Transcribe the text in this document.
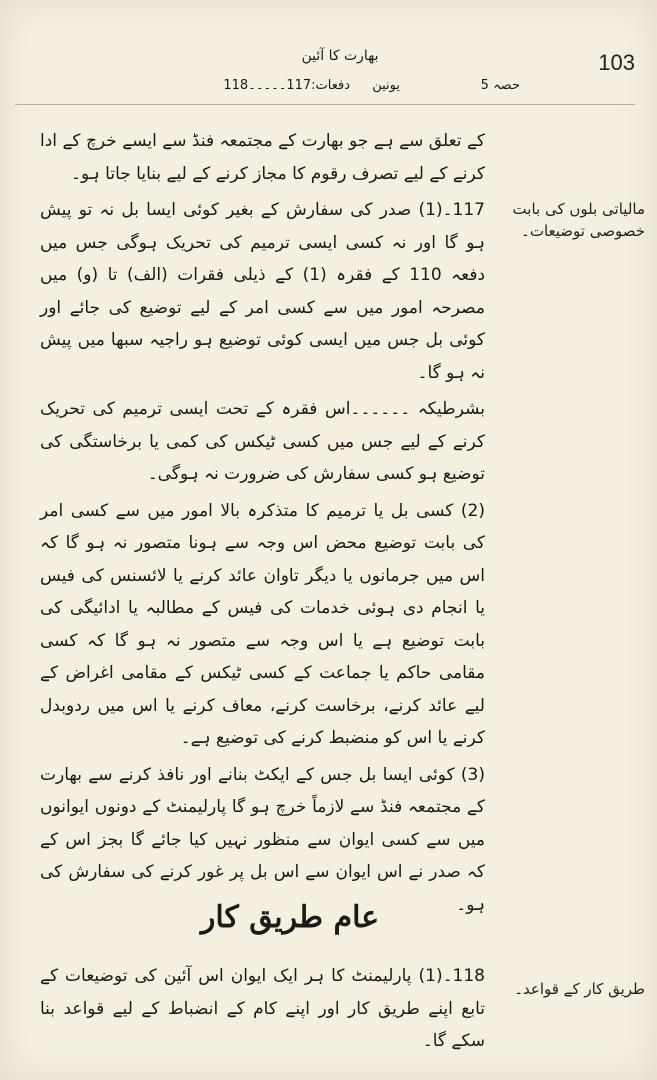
103
بھارت کا آئین
حصہ 5
یونین
دفعات:117۔۔۔۔۔118
مالیاتی بلوں کی بابت خصوصی توضیعات۔

کے تعلق سے ہے جو بھارت کے مجتمعہ فنڈ سے ایسے خرچ کے ادا کرنے کے لیے تصرف رقوم کا مجاز کرنے کے لیے بنایا جاتا ہو۔

117۔(1) صدر کی سفارش کے بغیر کوئی ایسا بل نہ تو پیش ہو گا اور نہ کسی ایسی ترمیم کی تحریک ہوگی جس میں دفعہ 110 کے فقرہ (1) کے ذیلی فقرات (الف) تا (و) میں مصرحہ امور میں سے کسی امر کے لیے توضیع کی جائے اور کوئی بل جس میں ایسی کوئی توضیع ہو راجیہ سبھا میں پیش نہ ہو گا۔

بشرطیکہ ۔۔۔۔۔۔اس فقرہ کے تحت ایسی ترمیم کی تحریک کرنے کے لیے جس میں کسی ٹیکس کی کمی یا برخاستگی کی توضیع ہو کسی سفارش کی ضرورت نہ ہوگی۔

(2) کسی بل یا ترمیم کا متذکرہ بالا امور میں سے کسی امر کی بابت توضیع محض اس وجہ سے ہونا متصور نہ ہو گا کہ اس میں جرمانوں یا دیگر تاوان عائد کرنے یا لائسنس کی فیس یا انجام دی ہوئی خدمات کی فیس کے مطالبہ یا ادائیگی کی بابت توضیع ہے یا اس وجہ سے متصور نہ ہو گا کہ کسی مقامی حاکم یا جماعت کے کسی ٹیکس کے مقامی اغراض کے لیے عائد کرنے، برخاست کرنے، معاف کرنے یا اس میں ردوبدل کرنے یا اس کو منضبط کرنے کی توضیع ہے۔

(3) کوئی ایسا بل جس کے ایکٹ بنانے اور نافذ کرنے سے بھارت کے مجتمعہ فنڈ سے لازماً خرچ ہو گا پارلیمنٹ کے دونوں ایوانوں میں سے کسی ایوان سے منظور نہیں کیا جائے گا بجز اس کے کہ صدر نے اس ایوان سے اس بل پر غور کرنے کی سفارش کی ہو۔

عام طریق کار
طریق کار کے قواعد۔

118۔(1) پارلیمنٹ کا ہر ایک ایوان اس آئین کی توضیعات کے تابع اپنے طریق کار اور اپنے کام کے انضباط کے لیے قواعد بنا سکے گا۔
